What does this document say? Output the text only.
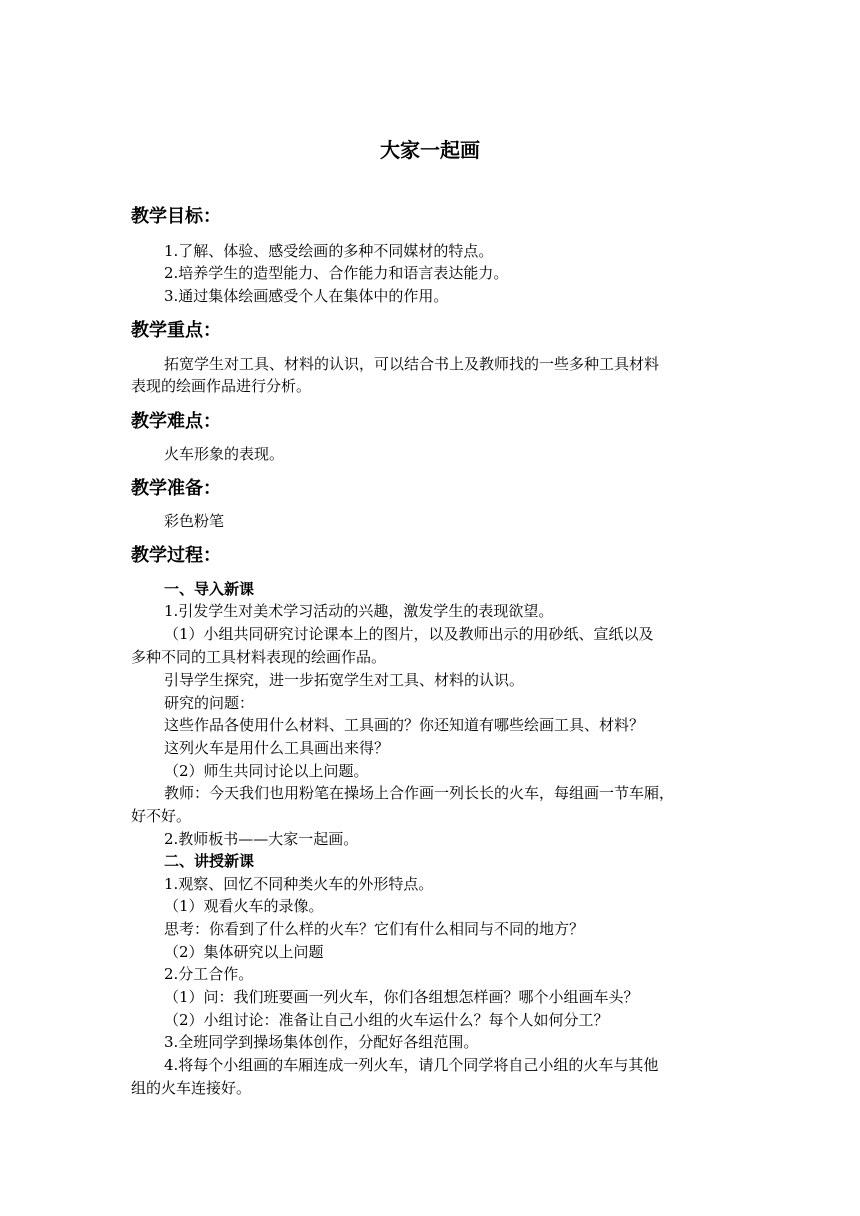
大家一起画
教学目标：
1.了解、体验、感受绘画的多种不同媒材的特点。
2.培养学生的造型能力、合作能力和语言表达能力。
3.通过集体绘画感受个人在集体中的作用。
教学重点：
拓宽学生对工具、材料的认识，可以结合书上及教师找的一些多种工具材料
表现的绘画作品进行分析。
教学难点：
火车形象的表现。
教学准备：
彩色粉笔
教学过程：
一、导入新课
1.引发学生对美术学习活动的兴趣，激发学生的表现欲望。
（1）小组共同研究讨论课本上的图片，以及教师出示的用砂纸、宣纸以及
多种不同的工具材料表现的绘画作品。
引导学生探究，进一步拓宽学生对工具、材料的认识。
研究的问题：
这些作品各使用什么材料、工具画的？你还知道有哪些绘画工具、材料？
这列火车是用什么工具画出来得？
（2）师生共同讨论以上问题。
教师：今天我们也用粉笔在操场上合作画一列长长的火车，每组画一节车厢，
好不好。
2.教师板书——大家一起画。
二、讲授新课
1.观察、回忆不同种类火车的外形特点。
（1）观看火车的录像。
思考：你看到了什么样的火车？它们有什么相同与不同的地方？
（2）集体研究以上问题
2.分工合作。
（1）问：我们班要画一列火车，你们各组想怎样画？哪个小组画车头？
（2）小组讨论：准备让自己小组的火车运什么？每个人如何分工？
3.全班同学到操场集体创作，分配好各组范围。
4.将每个小组画的车厢连成一列火车，请几个同学将自己小组的火车与其他
组的火车连接好。
